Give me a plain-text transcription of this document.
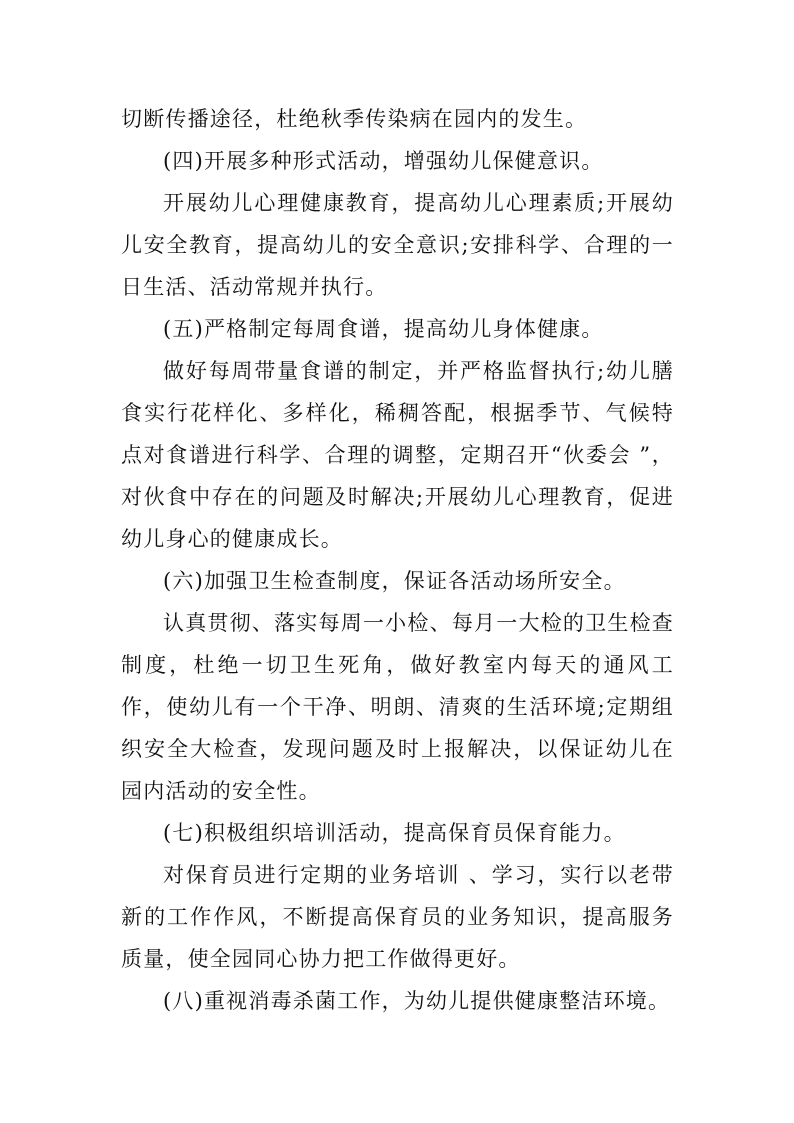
切断传播途径，杜绝秋季传染病在园内的发生。

(四)开展多种形式活动，增强幼儿保健意识。

开展幼儿心理健康教育，提高幼儿心理素质;开展幼儿安全教育，提高幼儿的安全意识;安排科学、合理的一日生活、活动常规并执行。

(五)严格制定每周食谱，提高幼儿身体健康。

做好每周带量食谱的制定，并严格监督执行;幼儿膳食实行花样化、多样化，稀稠答配，根据季节、气候特点对食谱进行科学、合理的调整，定期召开“伙委会 ”，对伙食中存在的问题及时解决;开展幼儿心理教育，促进幼儿身心的健康成长。

(六)加强卫生检查制度，保证各活动场所安全。

认真贯彻、落实每周一小检、每月一大检的卫生检查制度，杜绝一切卫生死角，做好教室内每天的通风工作，使幼儿有一个干净、明朗、清爽的生活环境;定期组织安全大检查，发现问题及时上报解决，以保证幼儿在园内活动的安全性。

(七)积极组织培训活动，提高保育员保育能力。

对保育员进行定期的业务培训 、学习，实行以老带新的工作作风，不断提高保育员的业务知识，提高服务质量，使全园同心协力把工作做得更好。

(八)重视消毒杀菌工作，为幼儿提供健康整洁环境。
